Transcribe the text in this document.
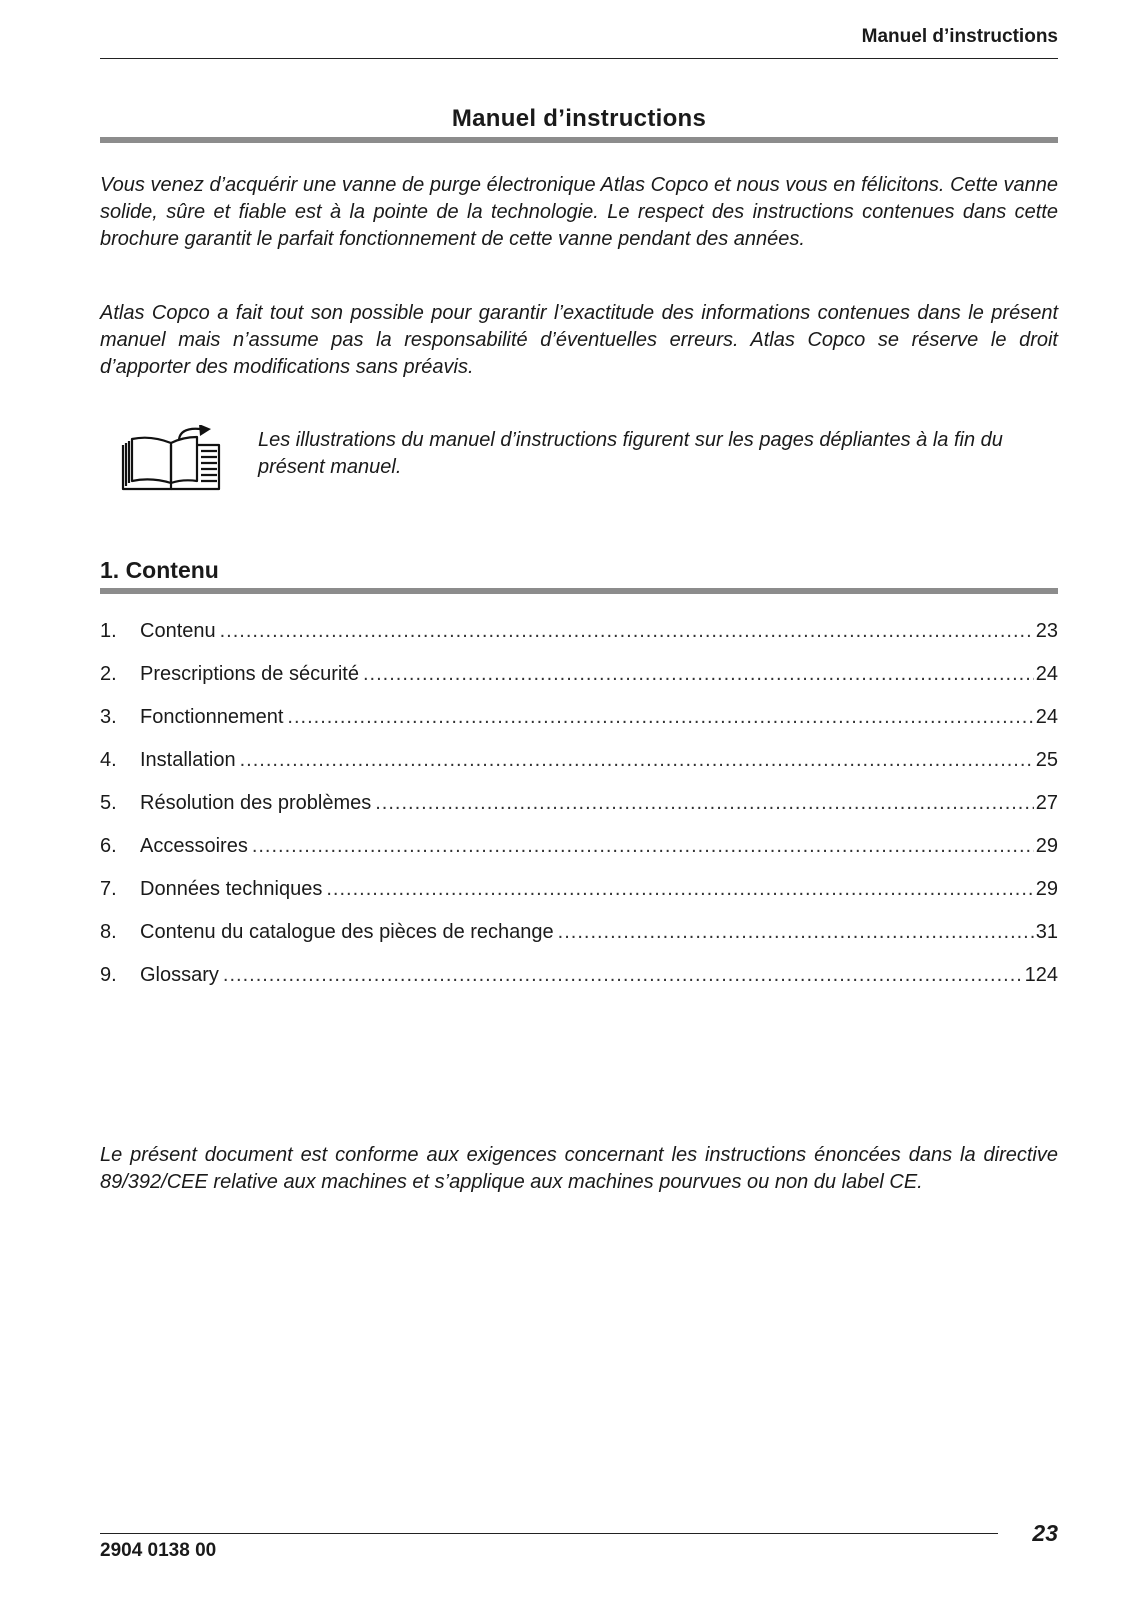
Manuel d’instructions
Manuel d’instructions
Vous venez d’acquérir une vanne de purge électronique Atlas Copco et nous vous en félicitons. Cette vanne solide, sûre et fiable est à la pointe de la technologie. Le respect des instructions contenues dans cette brochure garantit le parfait fonctionnement de cette vanne pendant des années.
Atlas Copco a fait tout son possible pour garantir l’exactitude des informations contenues dans le présent manuel mais n’assume pas la responsabilité d’éventuelles erreurs. Atlas Copco se réserve le droit d’apporter des modifications sans préavis.
Les illustrations du manuel d’instructions figurent sur les pages dépliantes à la fin du présent manuel.
1. Contenu
1.	Contenu .....	23
2.	Prescriptions de sécurité .....	24
3.	Fonctionnement .....	24
4.	Installation .....	25
5.	Résolution des problèmes .....	27
6.	Accessoires .....	29
7.	Données techniques .....	29
8.	Contenu du catalogue des pièces de rechange .....	31
9.	Glossary .....	124
Le présent document est conforme aux exigences concernant les instructions énoncées dans la directive 89/392/CEE relative aux machines et s’applique aux machines pourvues ou non du label CE.
2904 0138 00
23
